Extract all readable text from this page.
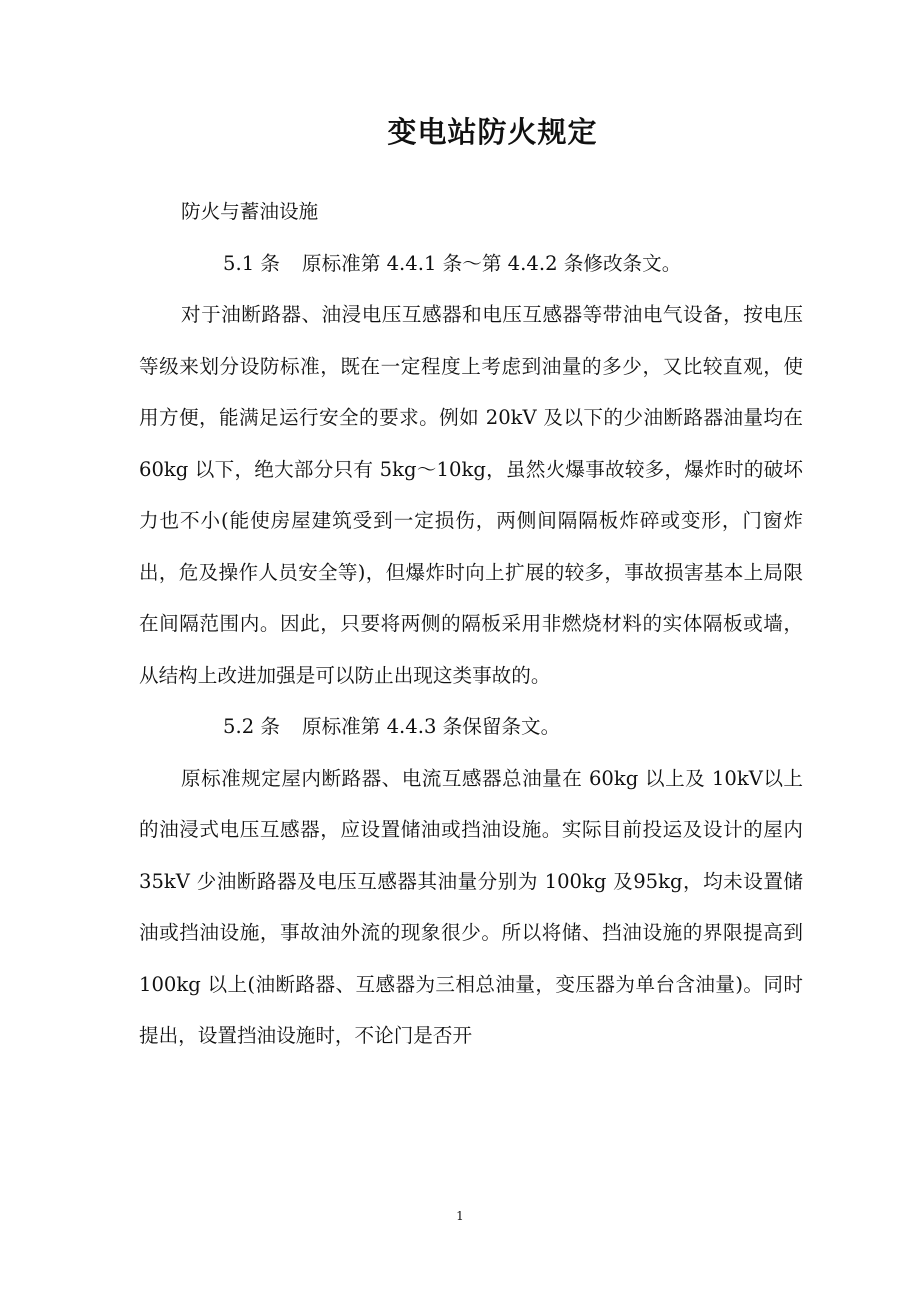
变电站防火规定

防火与蓄油设施

5.1 条 原标准第 4.4.1 条～第 4.4.2 条修改条文。

对于油断路器、油浸电压互感器和电压互感器等带油电气设备，按电压等级来划分设防标准，既在一定程度上考虑到油量的多少，又比较直观，使用方便，能满足运行安全的要求。例如 20kV 及以下的少油断路器油量均在 60kg 以下，绝大部分只有 5kg～10kg，虽然火爆事故较多，爆炸时的破坏力也不小(能使房屋建筑受到一定损伤，两侧间隔隔板炸碎或变形，门窗炸出，危及操作人员安全等)，但爆炸时向上扩展的较多，事故损害基本上局限在间隔范围内。因此，只要将两侧的隔板采用非燃烧材料的实体隔板或墙，从结构上改进加强是可以防止出现这类事故的。

5.2 条 原标准第 4.4.3 条保留条文。

原标准规定屋内断路器、电流互感器总油量在 60kg 以上及 10kV以上的油浸式电压互感器，应设置储油或挡油设施。实际目前投运及设计的屋内 35kV 少油断路器及电压互感器其油量分别为 100kg 及95kg，均未设置储油或挡油设施，事故油外流的现象很少。所以将储、挡油设施的界限提高到 100kg 以上(油断路器、互感器为三相总油量，变压器为单台含油量)。同时提出，设置挡油设施时，不论门是否开

1
